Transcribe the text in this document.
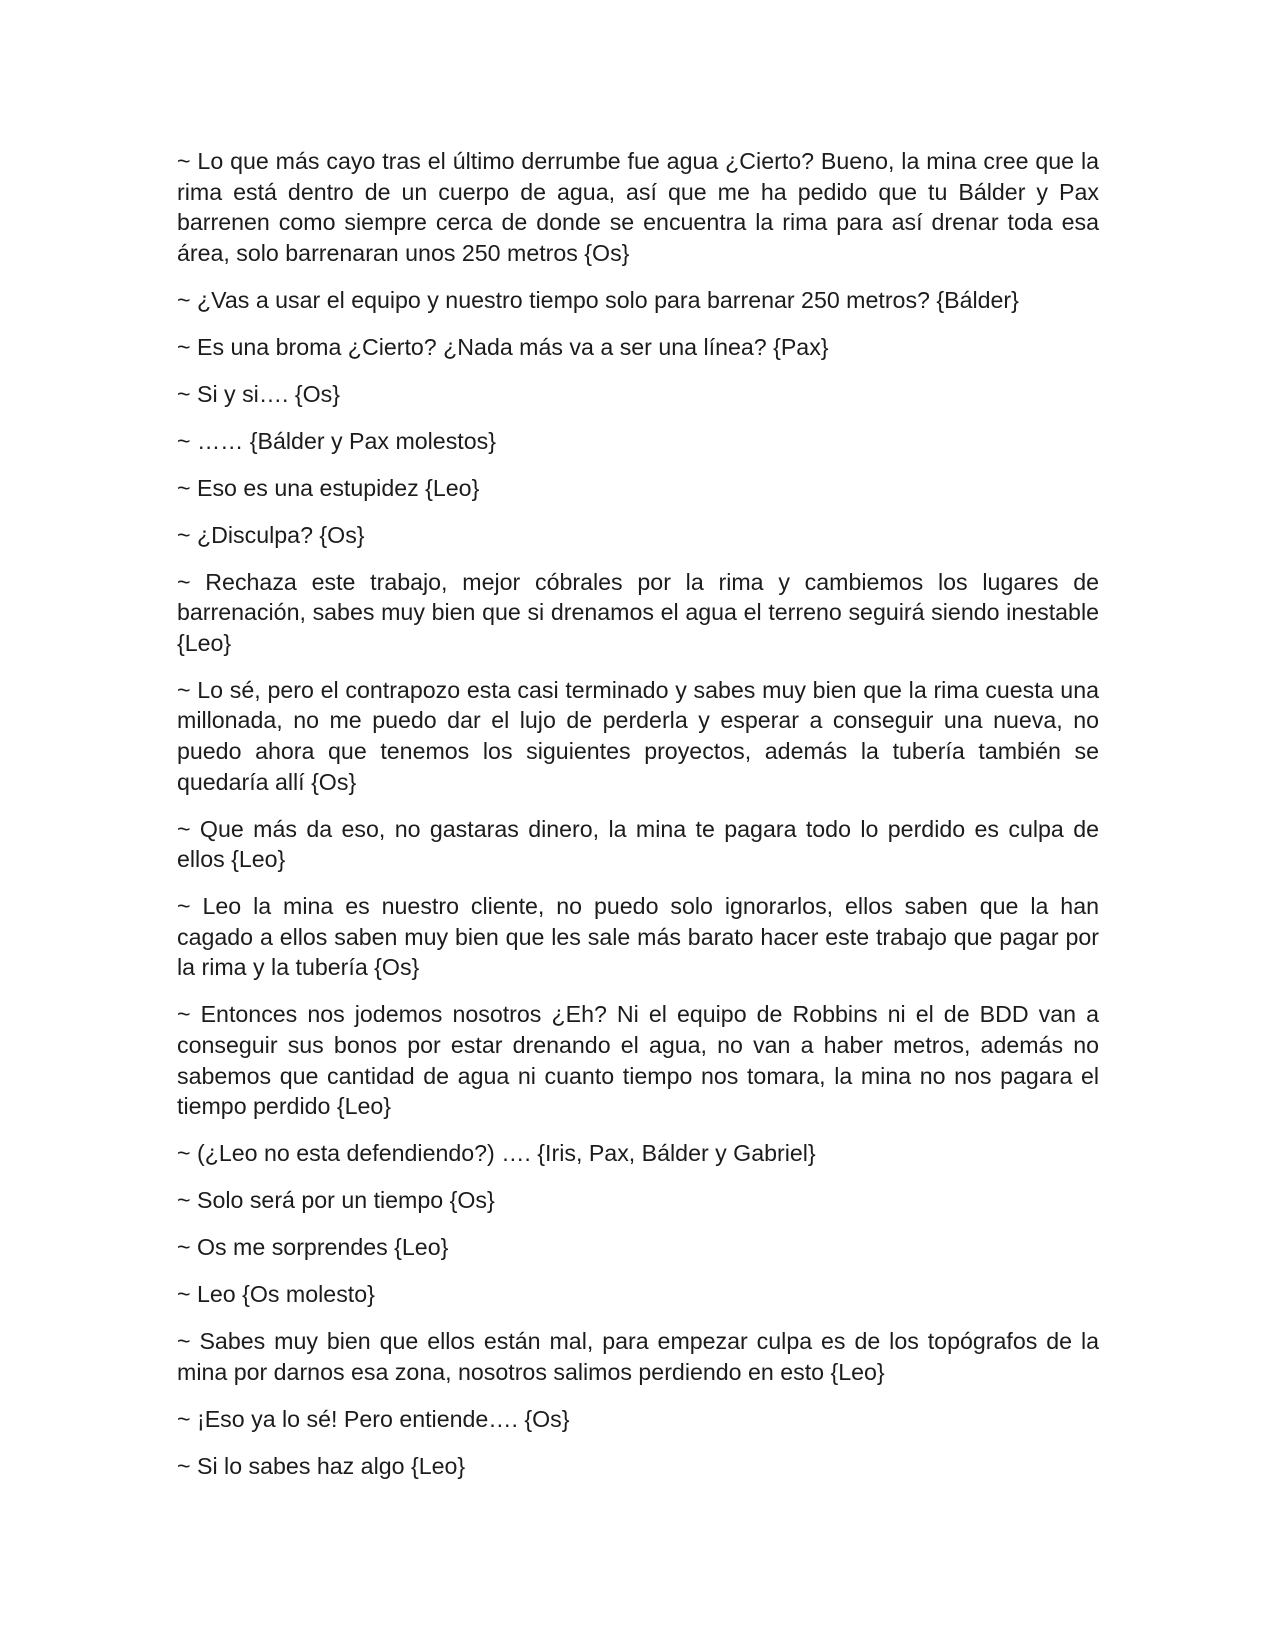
~ Lo que más cayo tras el último derrumbe fue agua ¿Cierto? Bueno, la mina cree que la rima está dentro de un cuerpo de agua, así que me ha pedido que tu Bálder y Pax barrenen como siempre cerca de donde se encuentra la rima para así drenar toda esa área, solo barrenaran unos 250 metros {Os}

~ ¿Vas a usar el equipo y nuestro tiempo solo para barrenar 250 metros? {Bálder}

~ Es una broma ¿Cierto? ¿Nada más va a ser una línea? {Pax}

~ Si y si…. {Os}

~ …… {Bálder y Pax molestos}

~ Eso es una estupidez {Leo}

~ ¿Disculpa? {Os}

~ Rechaza este trabajo, mejor cóbrales por la rima y cambiemos los lugares de barrenación, sabes muy bien que si drenamos el agua el terreno seguirá siendo inestable {Leo}

~ Lo sé, pero el contrapozo esta casi terminado y sabes muy bien que la rima cuesta una millonada, no me puedo dar el lujo de perderla y esperar a conseguir una nueva, no puedo ahora que tenemos los siguientes proyectos, además la tubería también se quedaría allí {Os}

~ Que más da eso, no gastaras dinero, la mina te pagara todo lo perdido es culpa de ellos {Leo}

~ Leo la mina es nuestro cliente, no puedo solo ignorarlos, ellos saben que la han cagado a ellos saben muy bien que les sale más barato hacer este trabajo que pagar por la rima y la tubería {Os}

~ Entonces nos jodemos nosotros ¿Eh? Ni el equipo de Robbins ni el de BDD van a conseguir sus bonos por estar drenando el agua, no van a haber metros, además no sabemos que cantidad de agua ni cuanto tiempo nos tomara, la mina no nos pagara el tiempo perdido {Leo}

~ (¿Leo no esta defendiendo?) …. {Iris, Pax, Bálder y Gabriel}

~ Solo será por un tiempo {Os}

~ Os me sorprendes {Leo}

~ Leo {Os molesto}

~ Sabes muy bien que ellos están mal, para empezar culpa es de los topógrafos de la mina por darnos esa zona, nosotros salimos perdiendo en esto {Leo}

~ ¡Eso ya lo sé! Pero entiende…. {Os}

~ Si lo sabes haz algo {Leo}
